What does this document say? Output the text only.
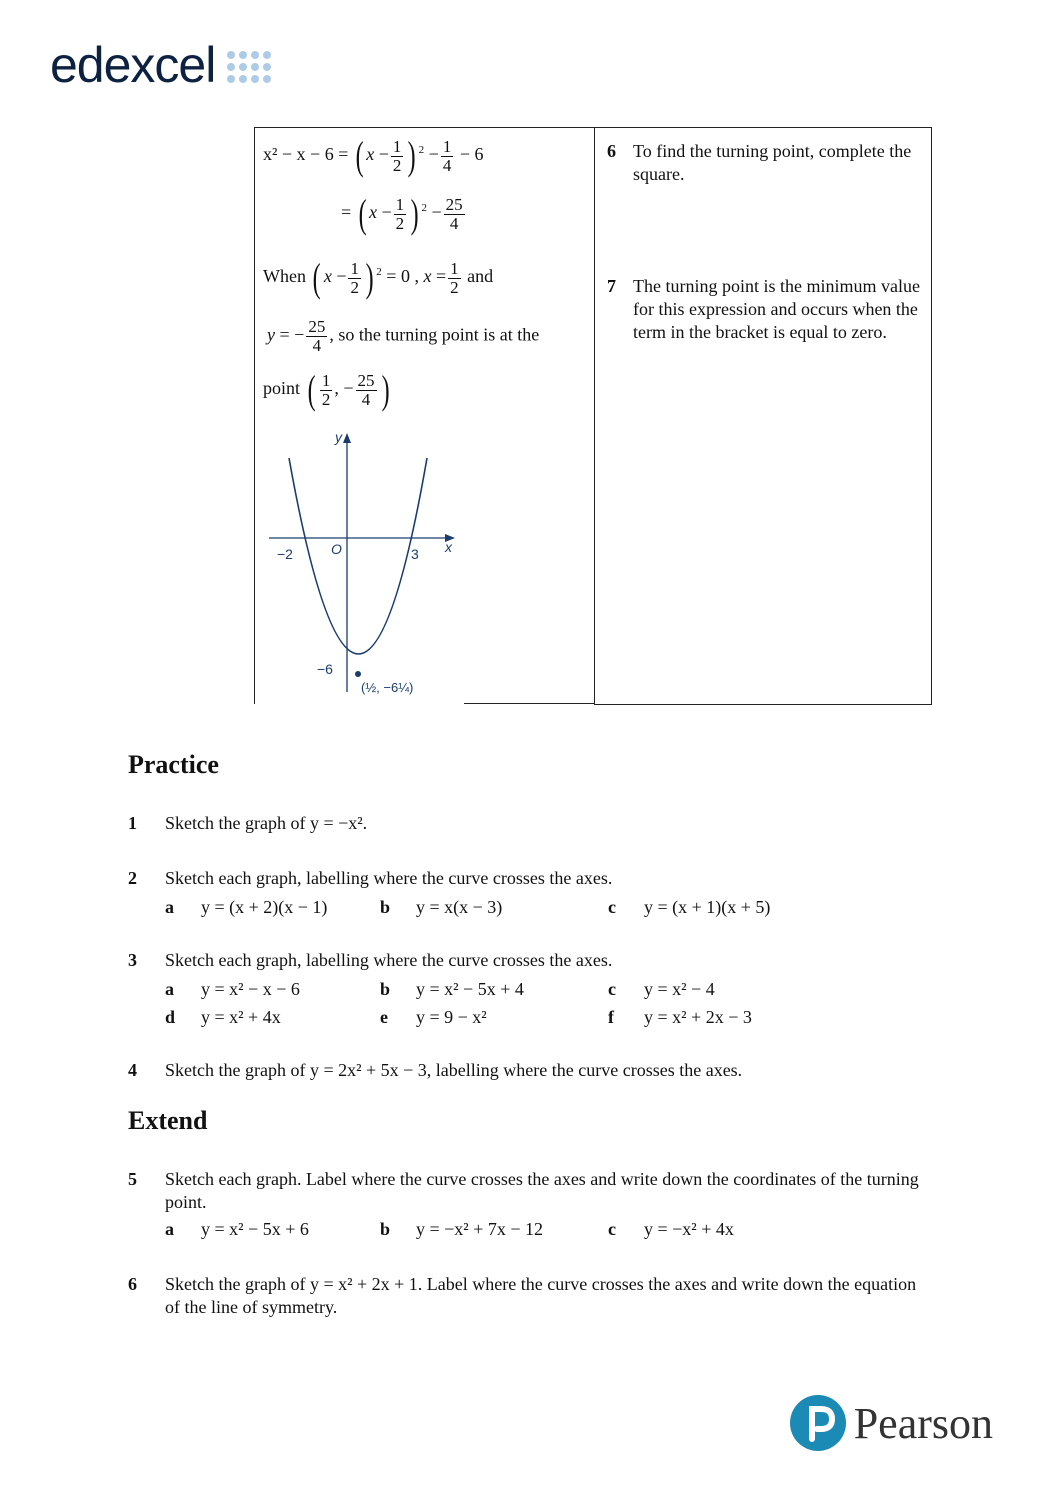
edexcel
x² − x − 6 = ( $x - \frac{1}{2}$ ) $^2 - \frac{1}{4} - 6$
= ( $x - \frac{1}{2}$ ) $^2 - \frac{25}{4}$
When ( $x - \frac{1}{2}$ ) $^2$ = 0 , $x = \frac{1}{2}$ and
y = − $\frac{25}{4}$ , so the turning point is at the
point ( $\frac{1}{2}$ , − $\frac{25}{4}$ )
y
x
O
−2	3
−6
(½, −6¼)
6 To find the turning point, complete the square.
7 The turning point is the minimum value for this expression and occurs when the term in the bracket is equal to zero.
Practice
1 Sketch the graph of y = −x².
2 Sketch each graph, labelling where the curve crosses the axes.
a y = (x + 2)(x − 1)	b y = x(x − 3)	c y = (x + 1)(x + 5)
3 Sketch each graph, labelling where the curve crosses the axes.
a y = x² − x − 6	b y = x² − 5x + 4	c y = x² − 4
d y = x² + 4x	e y = 9 − x²	f y = x² + 2x − 3
4 Sketch the graph of y = 2x² + 5x − 3, labelling where the curve crosses the axes.
Extend
5 Sketch each graph. Label where the curve crosses the axes and write down the coordinates of the turning point.
a y = x² − 5x + 6	b y = −x² + 7x − 12	c y = −x² + 4x
6 Sketch the graph of y = x² + 2x + 1. Label where the curve crosses the axes and write down the equation of the line of symmetry.
Pearson
